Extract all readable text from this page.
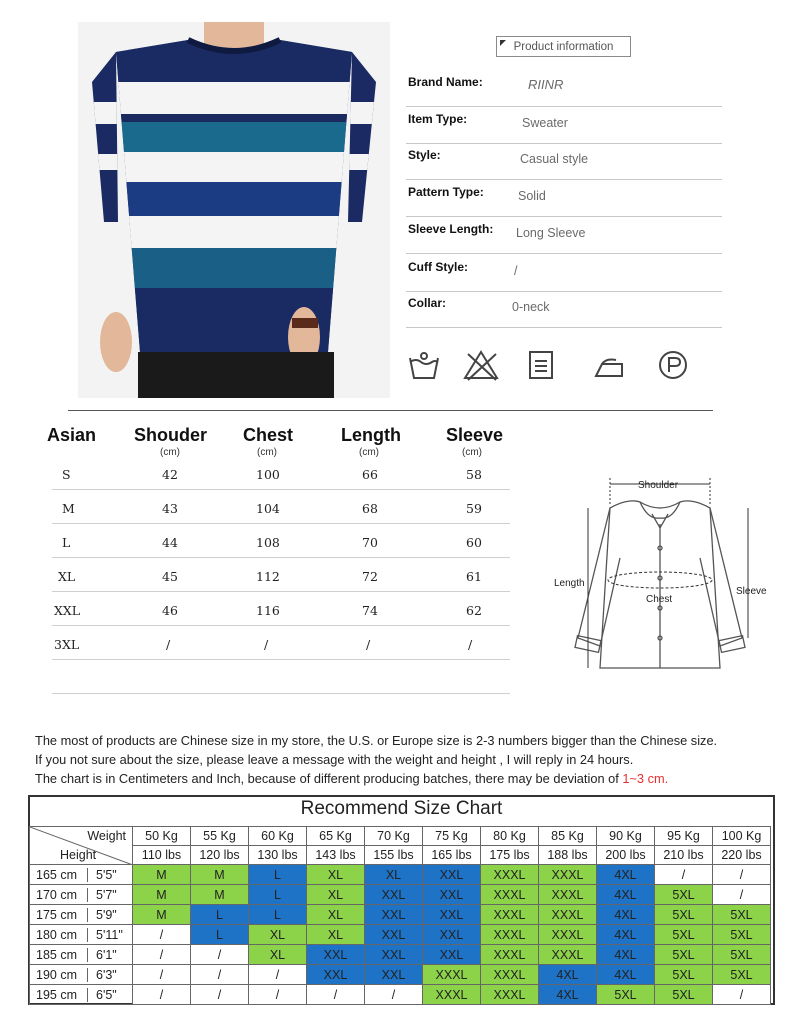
Product information
Brand Name:	RIINR
Item Type:	Sweater
Style:	Casual style
Pattern Type:	Solid
Sleeve Length: Long Sleeve
Cuff Style:	/
Collar:	0-neck
Asian Shouder Chest	Length	Sleeve
(cm)	(cm)	(cm)	(cm)
S	42	100	66	58
M	43	104	68	59
L	44	108	70	60
XL	45	112	72	61
XXL	46	116	74	62
3XL	/	/	/	/
Shoulder
Length
Chest
Sleeve
The most of products are Chinese size in my store, the U.S. or Europe size is 2-3 numbers bigger than the Chinese size.
If you not sure about the size, please leave a message with the weight and height , I will reply in 24 hours.
The chart is in Centimeters and Inch, because of different producing batches, there may be deviation of 1~3 cm.
Recommend Size Chart
Weight
Height	50 Kg	55 Kg	60 Kg	65 Kg	70 Kg	75 Kg	80 Kg	85 Kg	90 Kg	95 Kg	100 Kg
	110 lbs	120 lbs	130 lbs	143 lbs	155 lbs	165 lbs	175 lbs	188 lbs	200 lbs	210 lbs	220 lbs
165 cm 5'5"	M	M	L	XL	XL	XXL	XXXL	XXXL	4XL	/	/
170 cm 5'7"	M	M	L	XL	XXL	XXL	XXXL	XXXL	4XL	5XL	/
175 cm 5'9"	M	L	L	XL	XXL	XXL	XXXL	XXXL	4XL	5XL	5XL
180 cm 5'11"	/	L	XL	XL	XXL	XXL	XXXL	XXXL	4XL	5XL	5XL
185 cm 6'1"	/	/	XL	XXL	XXL	XXL	XXXL	XXXL	4XL	5XL	5XL
190 cm 6'3"	/	/	/	XXL	XXL	XXXL	XXXL	4XL	4XL	5XL	5XL
195 cm 6'5"	/	/	/	/	/	XXXL	XXXL	4XL	5XL	5XL	/
